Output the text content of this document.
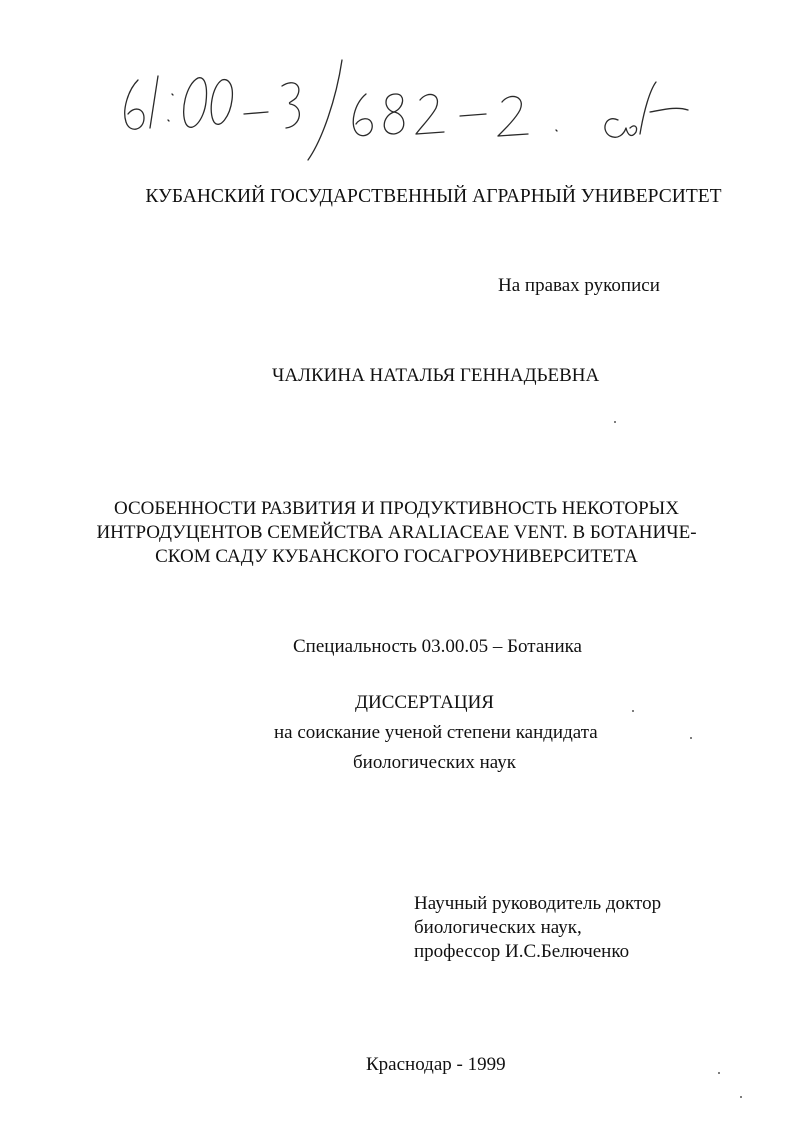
КУБАНСКИЙ ГОСУДАРСТВЕННЫЙ АГРАРНЫЙ УНИВЕРСИТЕТ
На правах рукописи
ЧАЛКИНА НАТАЛЬЯ ГЕННАДЬЕВНА
ОСОБЕННОСТИ РАЗВИТИЯ И ПРОДУКТИВНОСТЬ НЕКОТОРЫХ
ИНТРОДУЦЕНТОВ СЕМЕЙСТВА ARALIACEAE VENT. В БОТАНИЧЕ-
СКОМ САДУ КУБАНСКОГО ГОСАГРОУНИВЕРСИТЕТА
Специальность 03.00.05 – Ботаника
ДИССЕРТАЦИЯ
на соискание ученой степени кандидата
биологических наук
Научный руководитель доктор
биологических наук,
профессор И.С.Белюченко
Краснодар - 1999
